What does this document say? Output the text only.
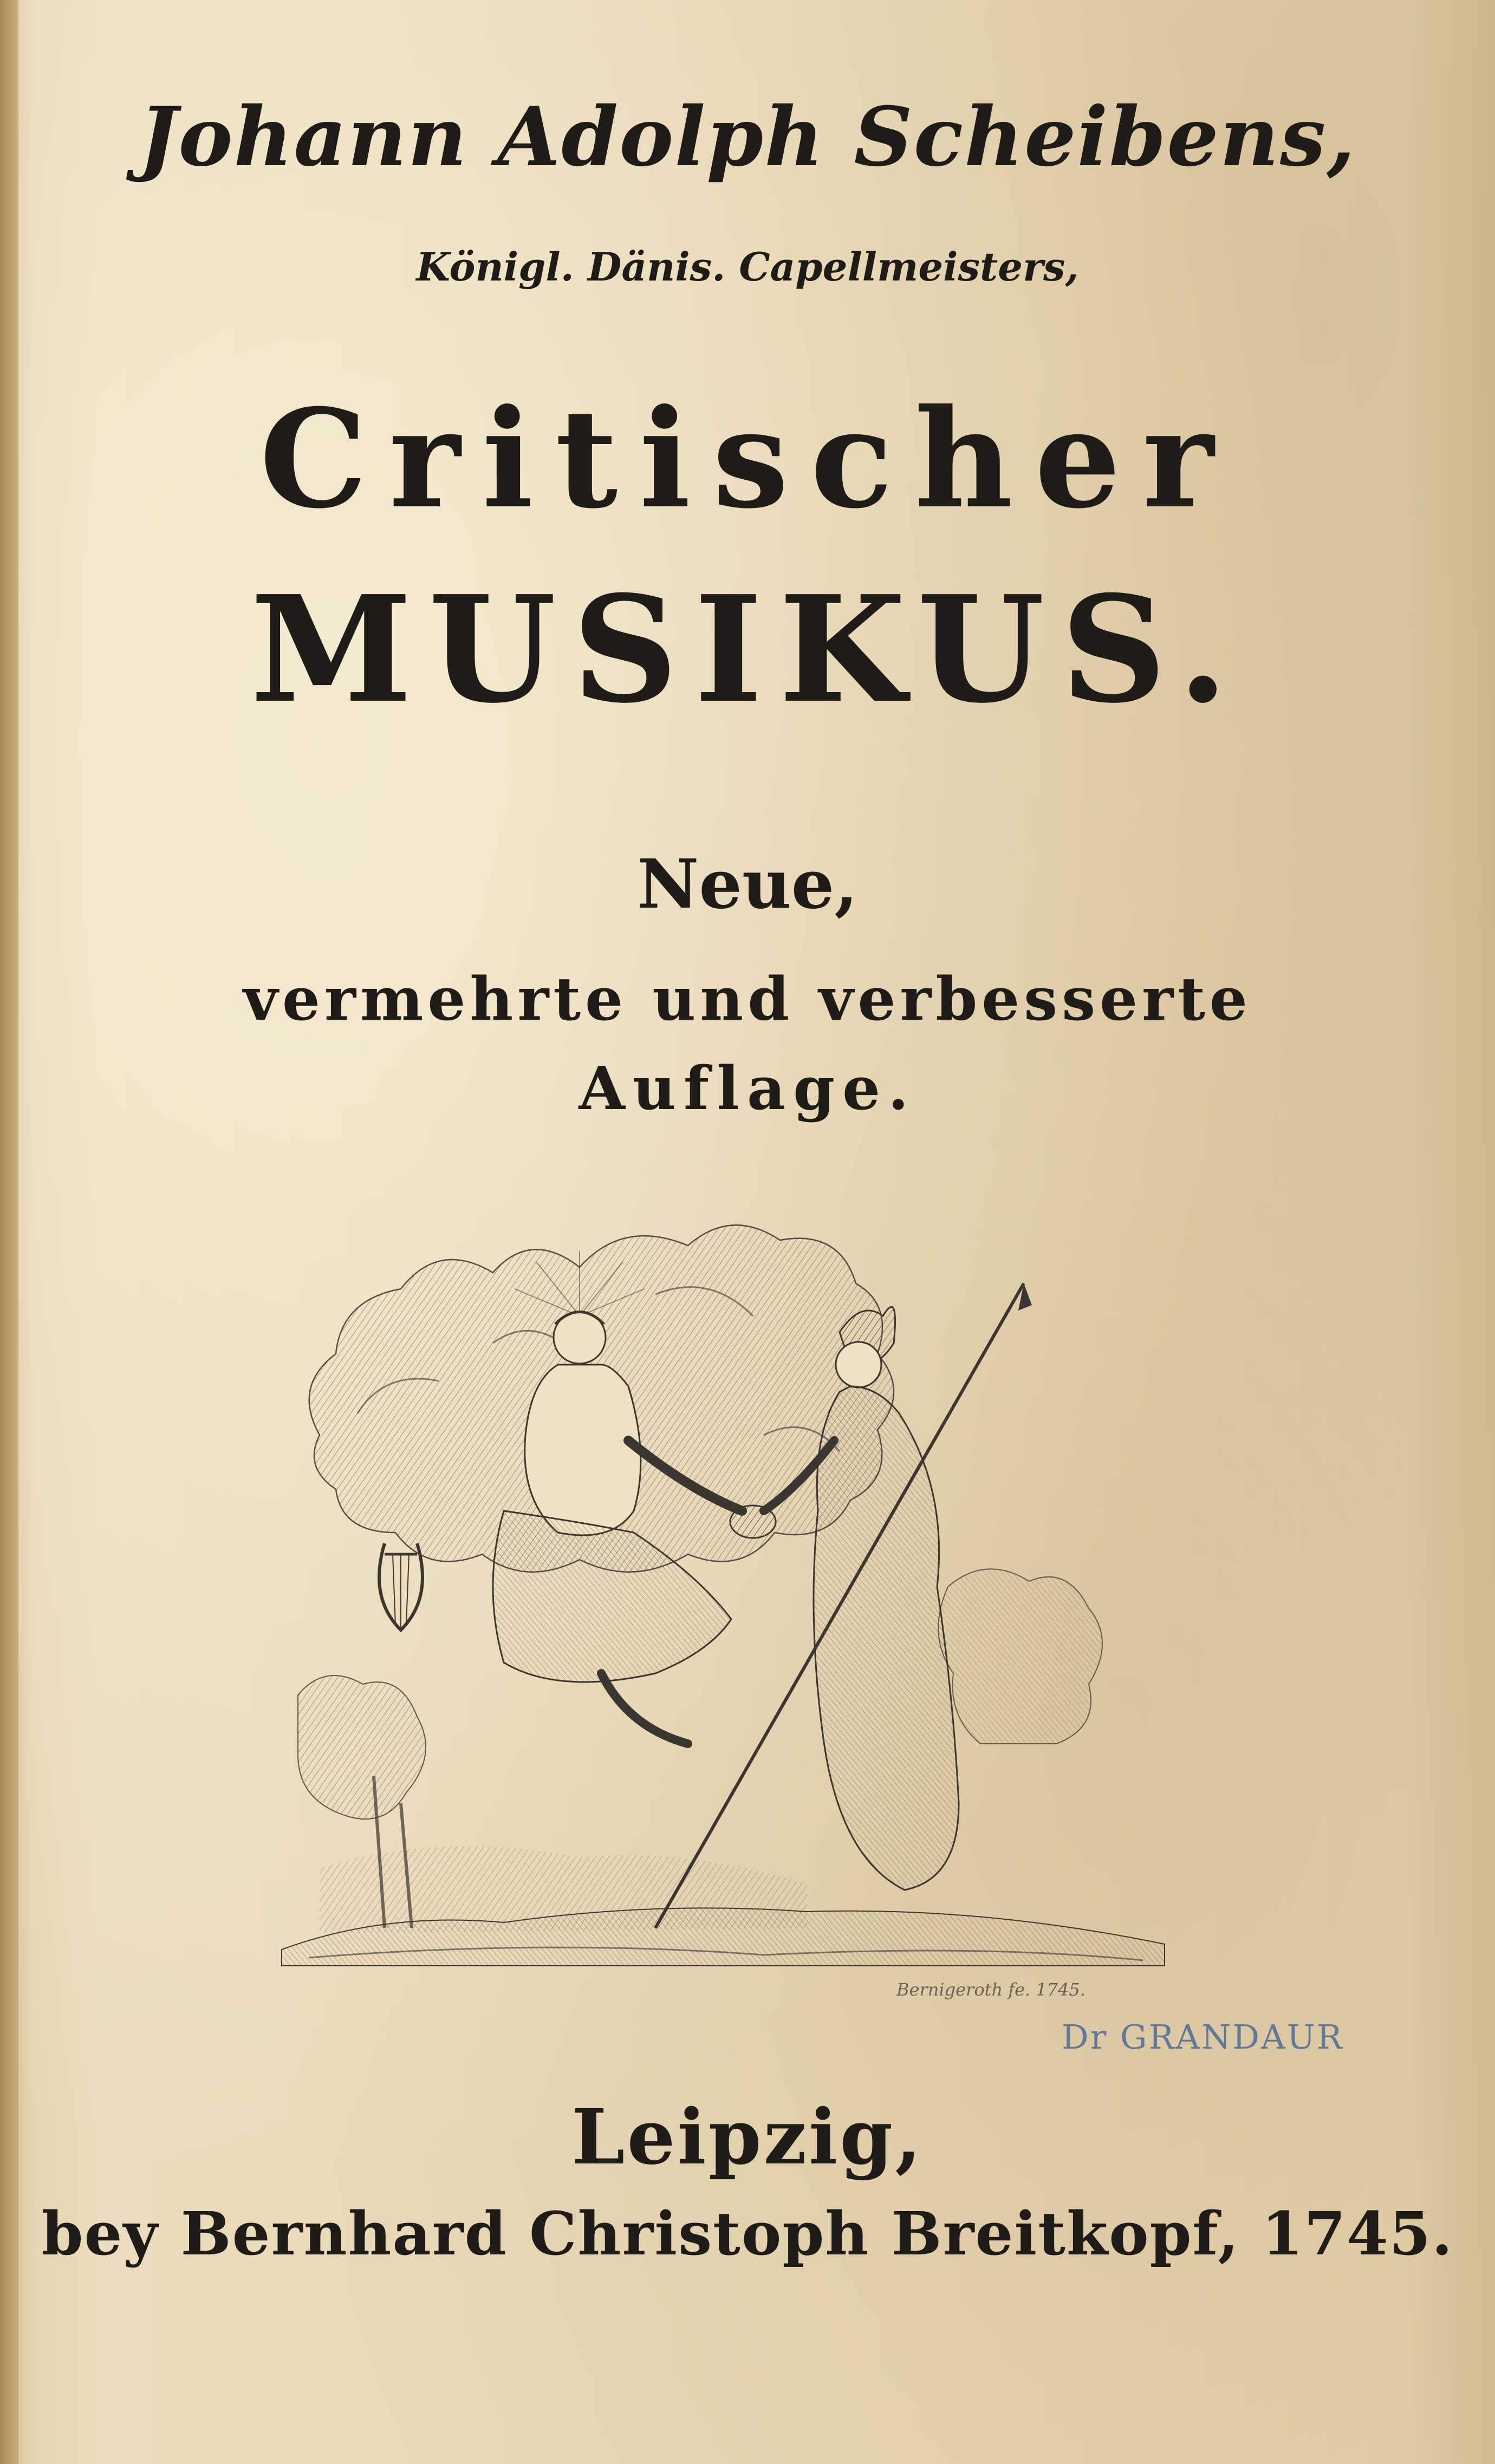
Johann Adolph Scheibens,
Königl. Dänis. Capellmeisters,
Critischer
MUSIKUS.
Neue,
vermehrte und verbesserte
Auflage.
Bernigeroth fe. 1745.
Dr GRANDAUR
Leipzig,
bey Bernhard Christoph Breitkopf, 1745.
